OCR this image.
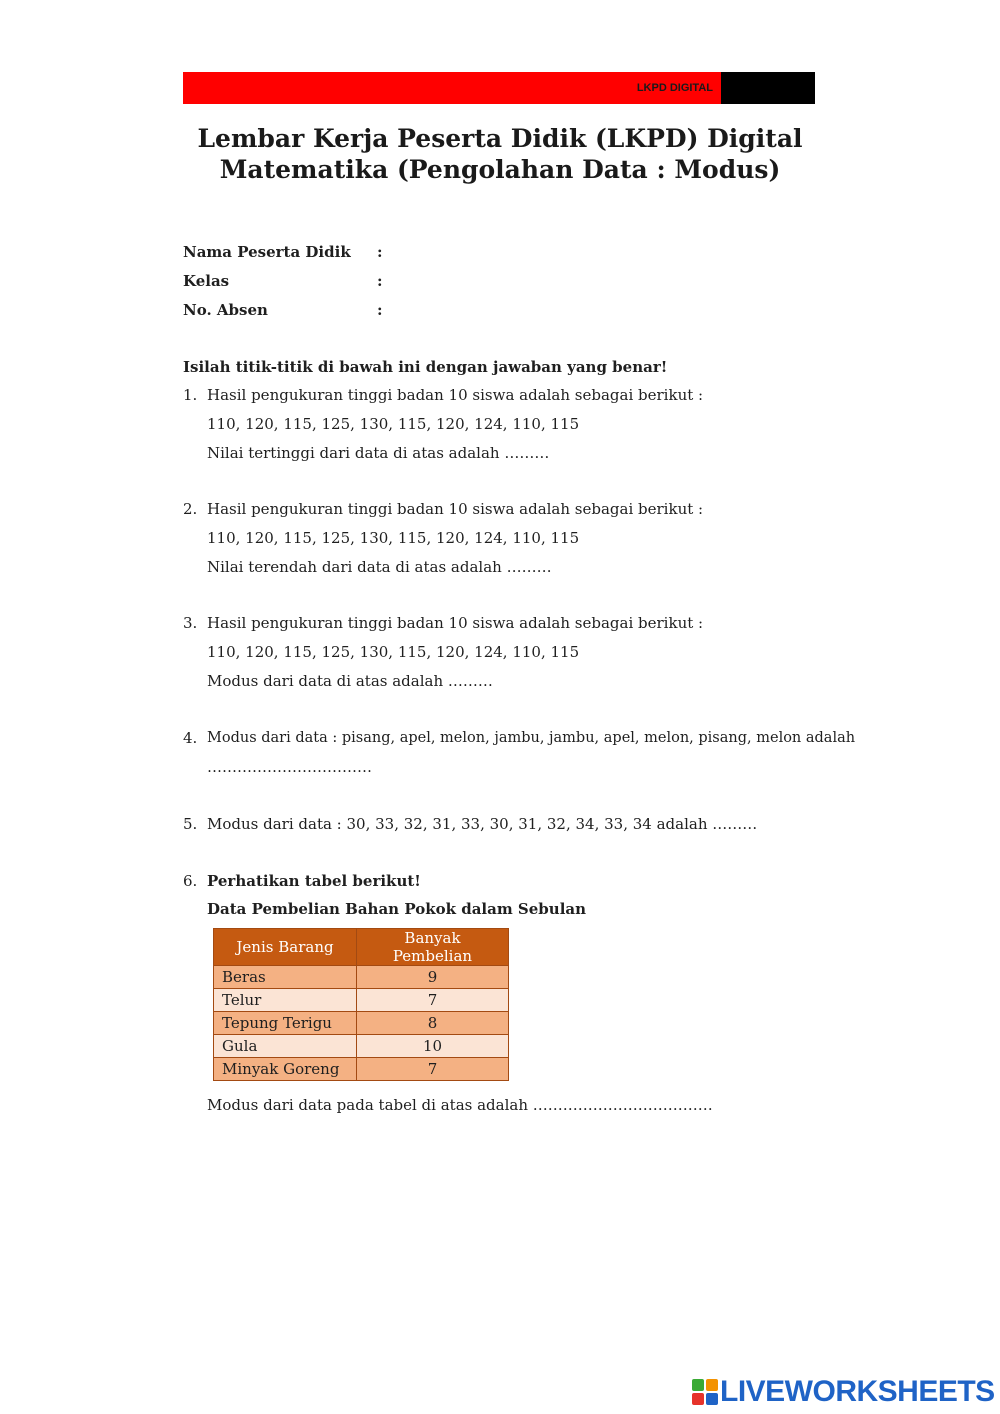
LKPD DIGITAL
Lembar Kerja Peserta Didik (LKPD) Digital
Matematika (Pengolahan Data : Modus)
Nama Peserta Didik :
Kelas	:
No. Absen	:
Isilah titik-titik di bawah ini dengan jawaban yang benar!
1. Hasil pengukuran tinggi badan 10 siswa adalah sebagai berikut :
110, 120, 115, 125, 130, 115, 120, 124, 110, 115
Nilai tertinggi dari data di atas adalah ………
2. Hasil pengukuran tinggi badan 10 siswa adalah sebagai berikut :
110, 120, 115, 125, 130, 115, 120, 124, 110, 115
Nilai terendah dari data di atas adalah ………
3. Hasil pengukuran tinggi badan 10 siswa adalah sebagai berikut :
110, 120, 115, 125, 130, 115, 120, 124, 110, 115
Modus dari data di atas adalah ………
4. Modus dari data : pisang, apel, melon, jambu, jambu, apel, melon, pisang, melon adalah
……………………………
5. Modus dari data : 30, 33, 32, 31, 33, 30, 31, 32, 34, 33, 34 adalah ………
6. Perhatikan tabel berikut!
Data Pembelian Bahan Pokok dalam Sebulan
Jenis Barang	Banyak Pembelian
Beras	9
Telur	7
Tepung Terigu	8
Gula	10
Minyak Goreng	7
Modus dari data pada tabel di atas adalah ………………………………
LIVEWORKSHEETS
